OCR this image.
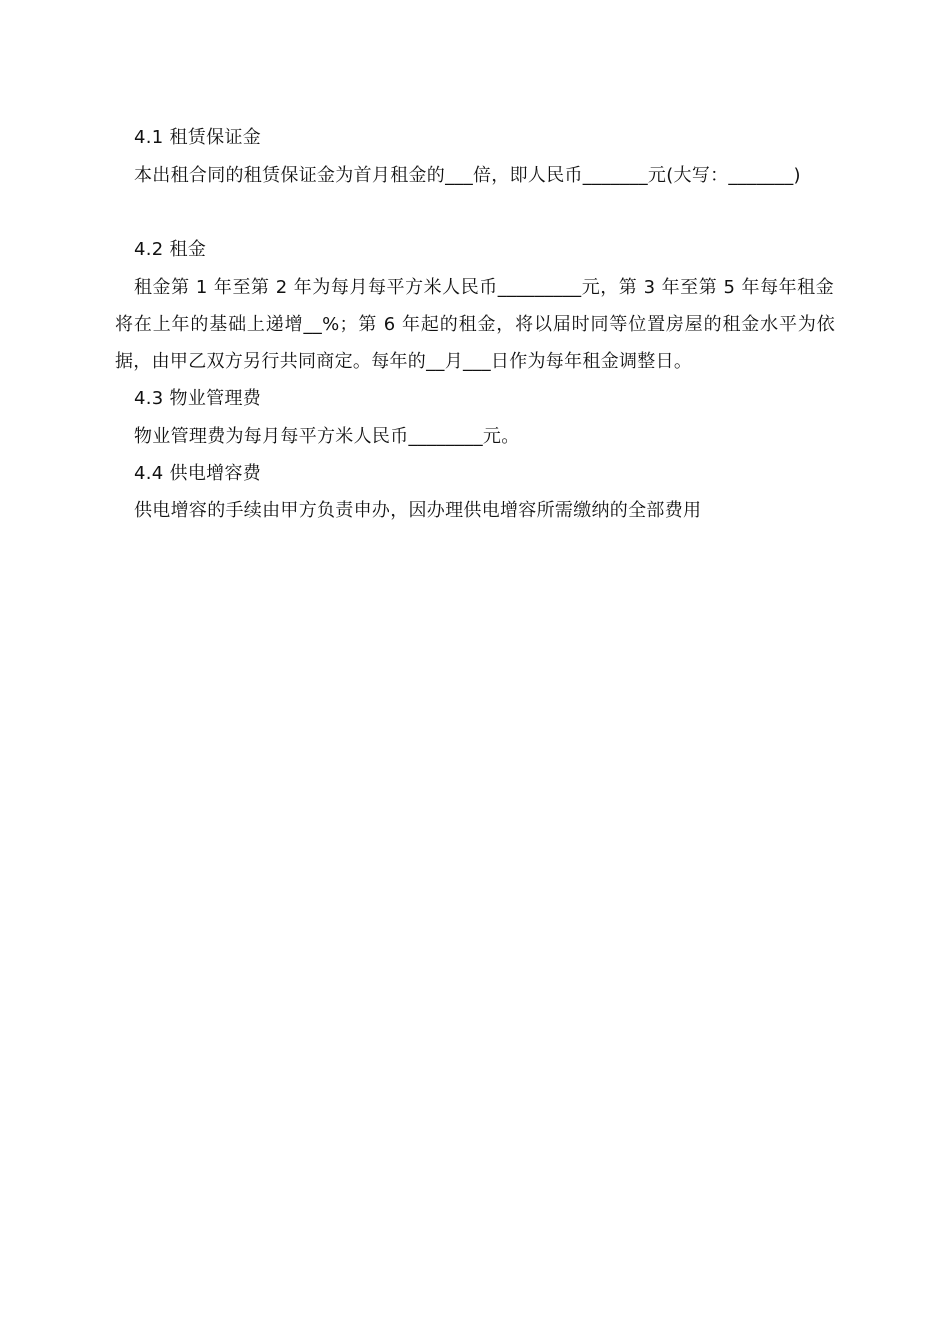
4.1 租赁保证金
本出租合同的租赁保证金为首月租金的___倍，即人民币_______元(大写：_______)
4.2 租金
租金第 1 年至第 2 年为每月每平方米人民币_________元，第 3 年至第 5 年每年租金
将在上年的基础上递增__%；第 6 年起的租金，将以届时同等位置房屋的租金水平为依
据，由甲乙双方另行共同商定。每年的__月___日作为每年租金调整日。
4.3 物业管理费
物业管理费为每月每平方米人民币________元。
4.4 供电增容费
供电增容的手续由甲方负责申办，因办理供电增容所需缴纳的全部费用
